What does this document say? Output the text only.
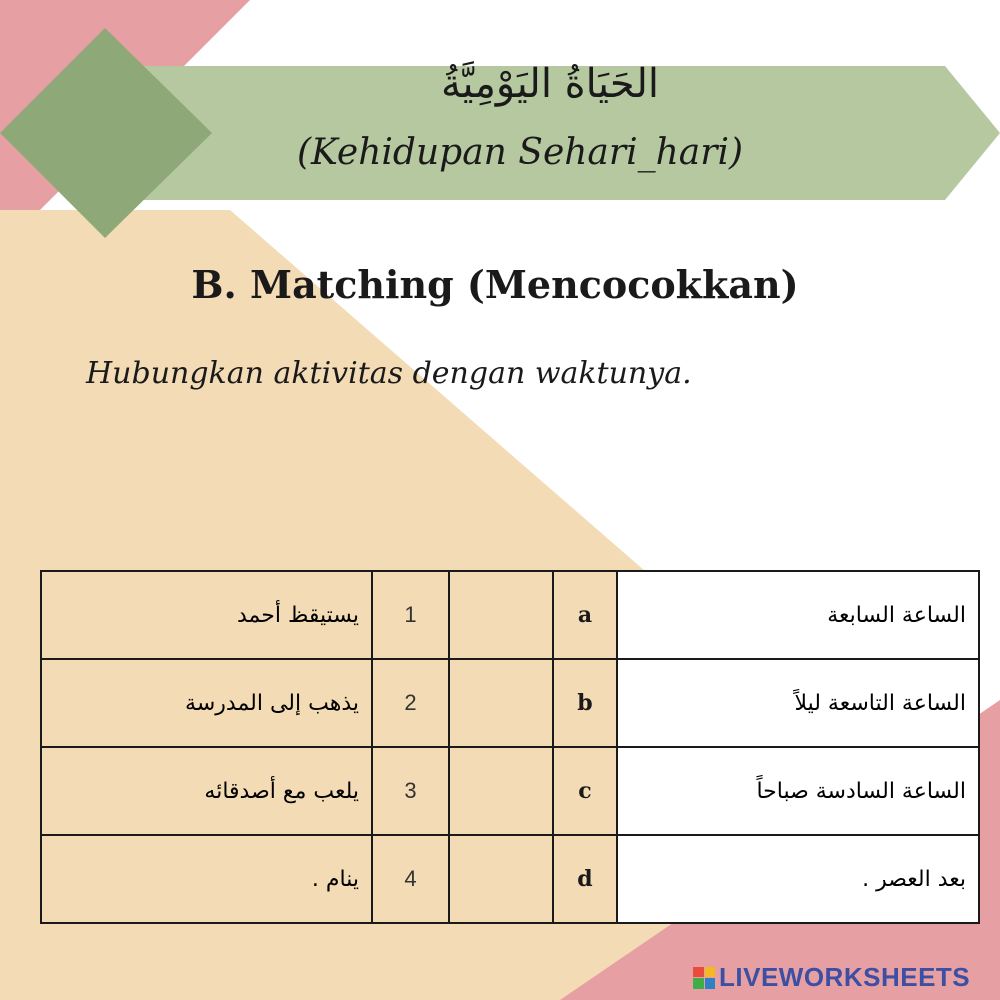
الحَيَاةُ اليَوْمِيَّةُ
(Kehidupan Sehari_hari)
B. Matching (Mencocokkan)
Hubungkan aktivitas dengan waktunya.
يستيقظ أحمد	1		a	الساعة السابعة
يذهب إلى المدرسة	2		b	الساعة التاسعة ليلاً
يلعب مع أصدقائه	3		c	الساعة السادسة صباحاً
ينام .	4		d	بعد العصر .
LIVEWORKSHEETS
